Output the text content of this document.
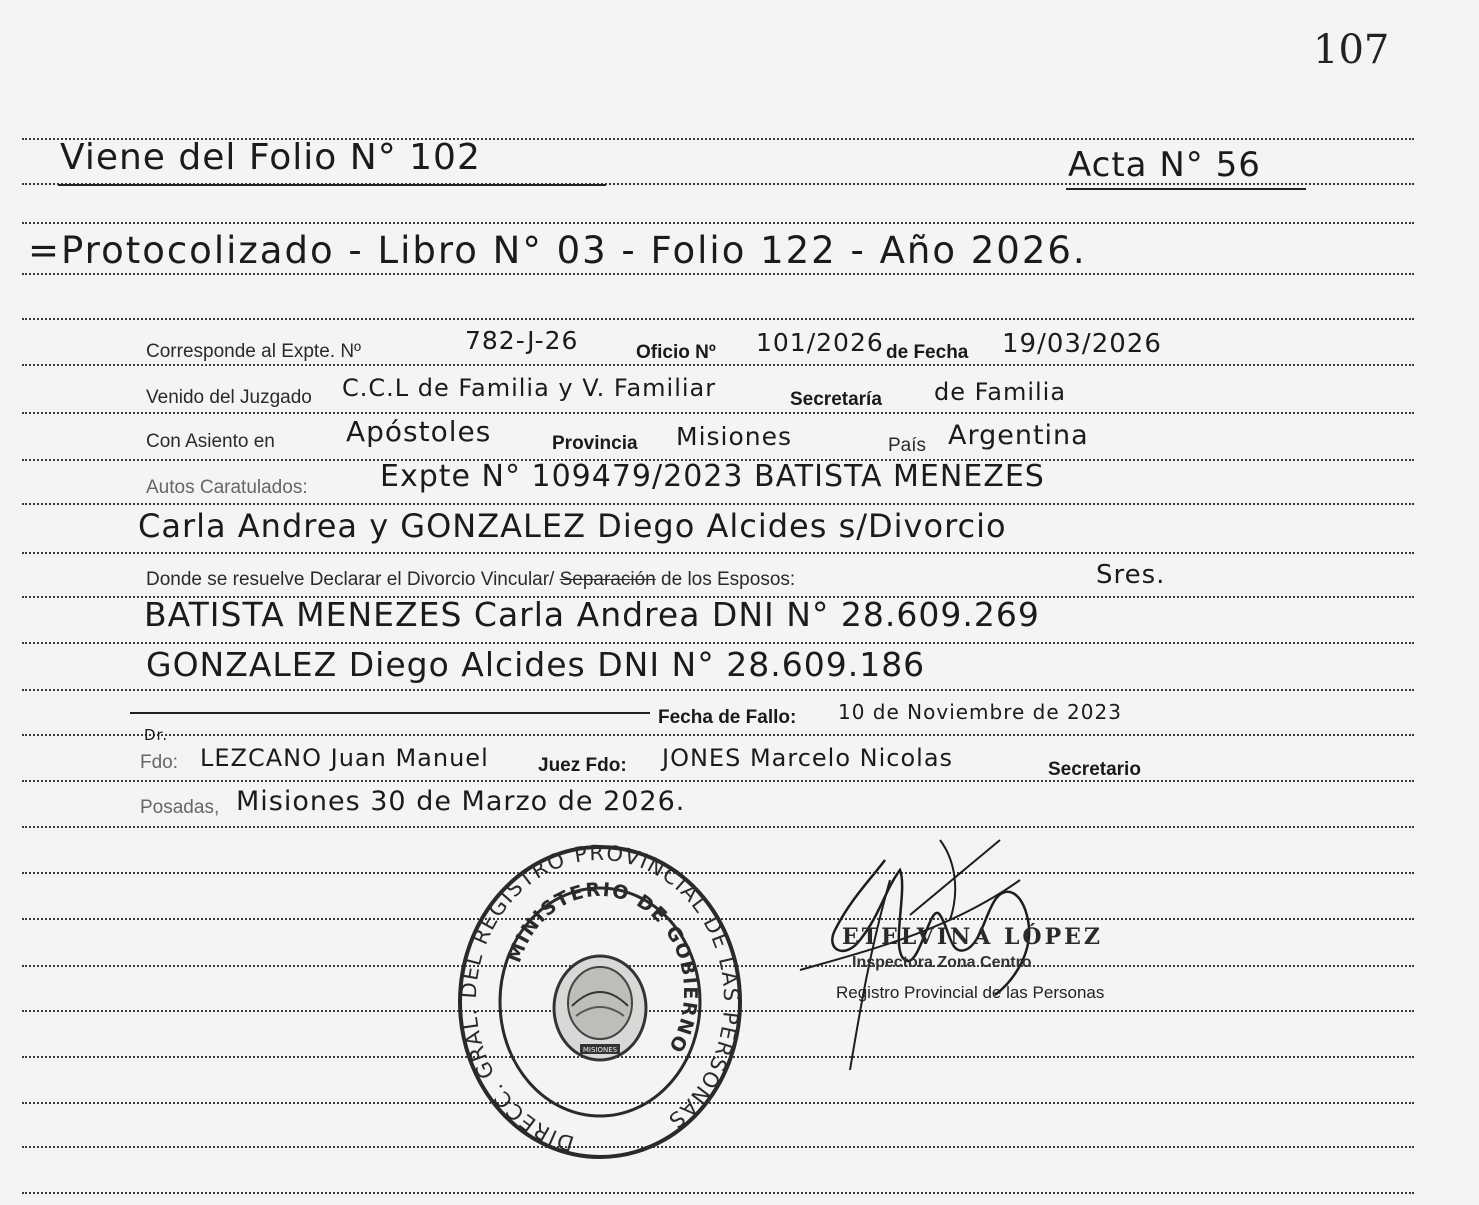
107
Viene del Folio N° 102	Acta N° 56
=Protocolizado - Libro N° 03 - Folio 122 - Año 2026.
Corresponde al Expte. Nº	782-J-26	Oficio Nº 101/2026 de Fecha 19/03/2026
Venido del Juzgado C.C.L de Familia y V. Familiar	Secretaría de Familia
Con Asiento en	Apóstoles	Provincia Misiones	País Argentina
Autos Caratulados: Expte N° 109479/2023 BATISTA MENEZES
Carla Andrea y GONZALEZ Diego Alcides s/Divorcio
Donde se resuelve Declarar el Divorcio Vincular/ Separación de los Esposos:	Sres.
BATISTA MENEZES Carla Andrea DNI N° 28.609.269
GONZALEZ Diego Alcides DNI N° 28.609.186
Fecha de Fallo: 10 de Noviembre de 2023
Dr.
Fdo: LEZCANO Juan Manuel	Juez Fdo: JONES Marcelo Nicolas	Secretario
Posadas, Misiones 30 de Marzo de 2026.
DIRECC. GRAL. DEL REGISTRO PROVINCIAL DE LAS PERSONAS
MINISTERIO DE GOBIERNO
MISIONES
ETELVINA LÓPEZ
Inspectora Zona Centro
Registro Provincial de las Personas
